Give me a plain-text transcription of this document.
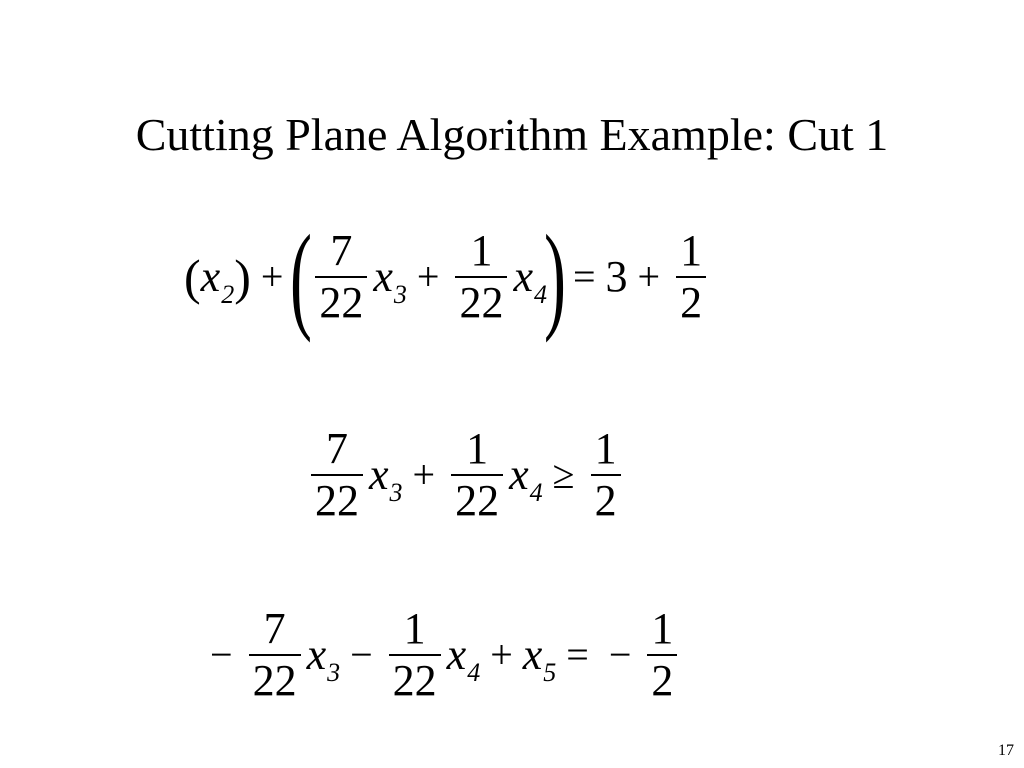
Cutting Plane Algorithm Example: Cut 1
( $x_2$ ) + ( $\frac{7}{22} x_3 + \frac{1}{22} x_4$
) = $3 + \frac{1}{2}$
$\frac{7}{22} x_3 + \frac{1}{22} x_4 \ge \frac{1}{2}$
− $\frac{7}{22} x_3 - \frac{1}{22} x_4 + x_5$ = − $\frac{1}{2}$
17
